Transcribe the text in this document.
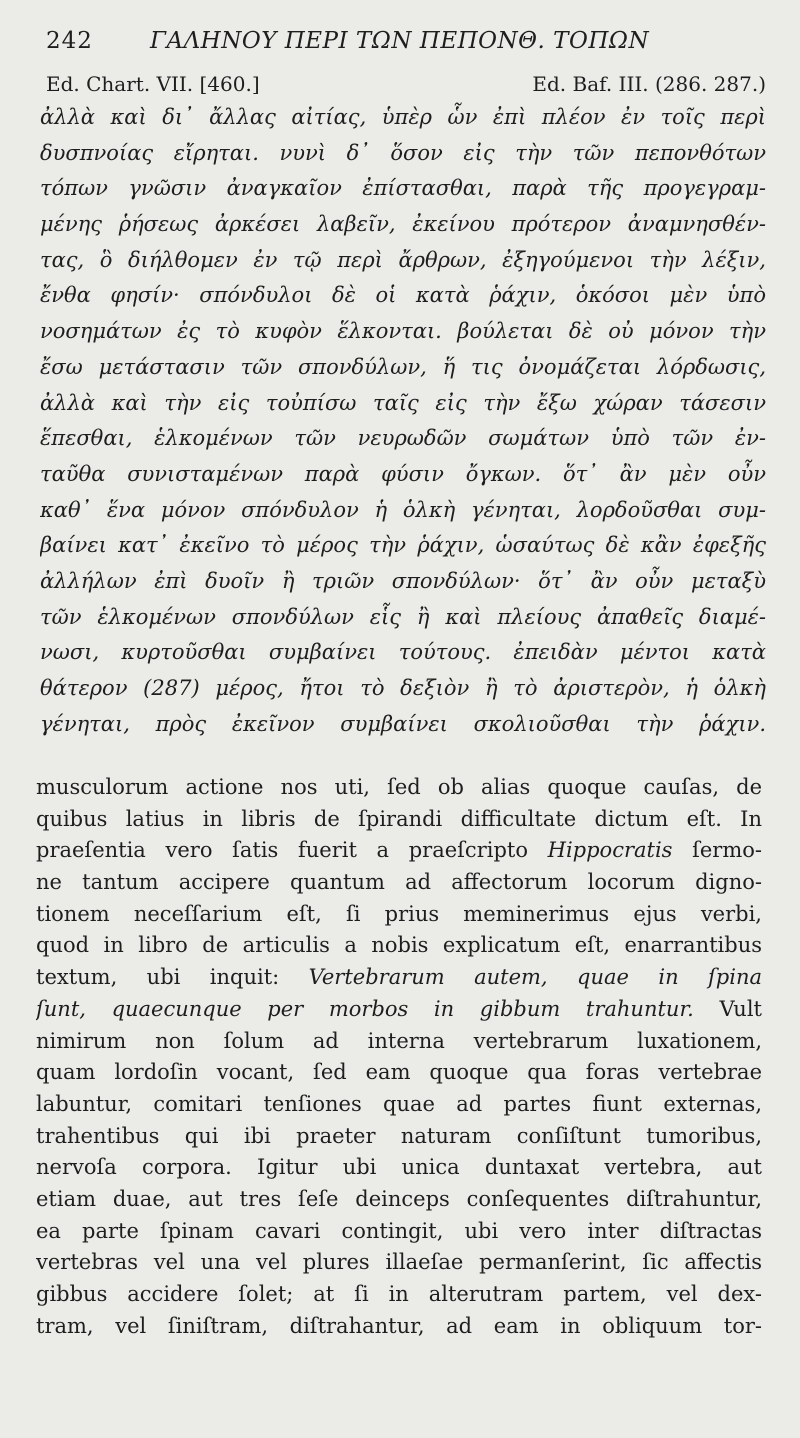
242 ΓΑΛΗΝΟΥ ΠΕΡΙ ΤΩΝ ΠΕΠΟΝΘ. ΤΟΠΩΝ
Ed. Chart. VII. [460.]	Ed. Baf. III. (286. 287.)
ἀλλὰ καὶ δι᾽ ἄλλας αἰτίας, ὑπὲρ ὧν ἐπὶ πλέον ἐν τοῖς περὶ
δυσπνοίας εἴρηται. νυνὶ δ᾽ ὅσον εἰς τὴν τῶν πεπονθότων
τόπων γνῶσιν ἀναγκαῖον ἐπίστασθαι, παρὰ τῆς προγεγραμ-
μένης ῥήσεως ἀρκέσει λαβεῖν, ἐκείνου πρότερον ἀναμνησθέν-
τας, ὃ διήλθομεν ἐν τῷ περὶ ἄρθρων, ἐξηγούμενοι τὴν λέξιν,
ἔνθα φησίν· σπόνδυλοι δὲ οἱ κατὰ ῥάχιν, ὁκόσοι μὲν ὑπὸ
νοσημάτων ἐς τὸ κυφὸν ἕλκονται. βούλεται δὲ οὐ μόνον τὴν
ἔσω μετάστασιν τῶν σπονδύλων, ἥ τις ὀνομάζεται λόρδωσις,
ἀλλὰ καὶ τὴν εἰς τοὐπίσω ταῖς εἰς τὴν ἔξω χώραν τάσεσιν
ἕπεσθαι, ἑλκομένων τῶν νευρωδῶν σωμάτων ὑπὸ τῶν ἐν-
ταῦθα συνισταμένων παρὰ φύσιν ὄγκων. ὅτ᾽ ἂν μὲν οὖν
καθ᾽ ἕνα μόνον σπόνδυλον ἡ ὁλκὴ γένηται, λορδοῦσθαι συμ-
βαίνει κατ᾽ ἐκεῖνο τὸ μέρος τὴν ῥάχιν, ὡσαύτως δὲ κἂν ἐφεξῆς
ἀλλήλων ἐπὶ δυοῖν ἢ τριῶν σπονδύλων· ὅτ᾽ ἂν οὖν μεταξὺ
τῶν ἑλκομένων σπονδύλων εἷς ἢ καὶ πλείους ἀπαθεῖς διαμέ-
νωσι, κυρτοῦσθαι συμβαίνει τούτους. ἐπειδὰν μέντοι κατὰ
θάτερον (287) μέρος, ἤτοι τὸ δεξιὸν ἢ τὸ ἀριστερὸν, ἡ ὁλκὴ
γένηται, πρὸς ἐκεῖνον συμβαίνει σκολιοῦσθαι τὴν ῥάχιν.
musculorum actione nos uti, ſed ob alias quoque cauſas, de
quibus latius in libris de ſpirandi difficultate dictum eſt. In
praeſentia vero ſatis fuerit a praeſcripto Hippocratis ſermo-
ne tantum accipere quantum ad affectorum locorum digno-
tionem neceſſarium eſt, ſi prius meminerimus ejus verbi,
quod in libro de articulis a nobis explicatum eſt, enarrantibus
textum, ubi inquit: Vertebrarum autem, quae in ſpina
ſunt, quaecunque per morbos in gibbum trahuntur. Vult
nimirum non ſolum ad interna vertebrarum luxationem,
quam lordoſin vocant, ſed eam quoque qua foras vertebrae
labuntur, comitari tenſiones quae ad partes fiunt externas,
trahentibus qui ibi praeter naturam conſiſtunt tumoribus,
nervoſa corpora. Igitur ubi unica duntaxat vertebra, aut
etiam duae, aut tres ſeſe deinceps conſequentes diſtrahuntur,
ea parte ſpinam cavari contingit, ubi vero inter diſtractas
vertebras vel una vel plures illaeſae permanſerint, ſic affectis
gibbus accidere ſolet; at ſi in alterutram partem, vel dex-
tram, vel ſiniſtram, diſtrahantur, ad eam in obliquum tor-
